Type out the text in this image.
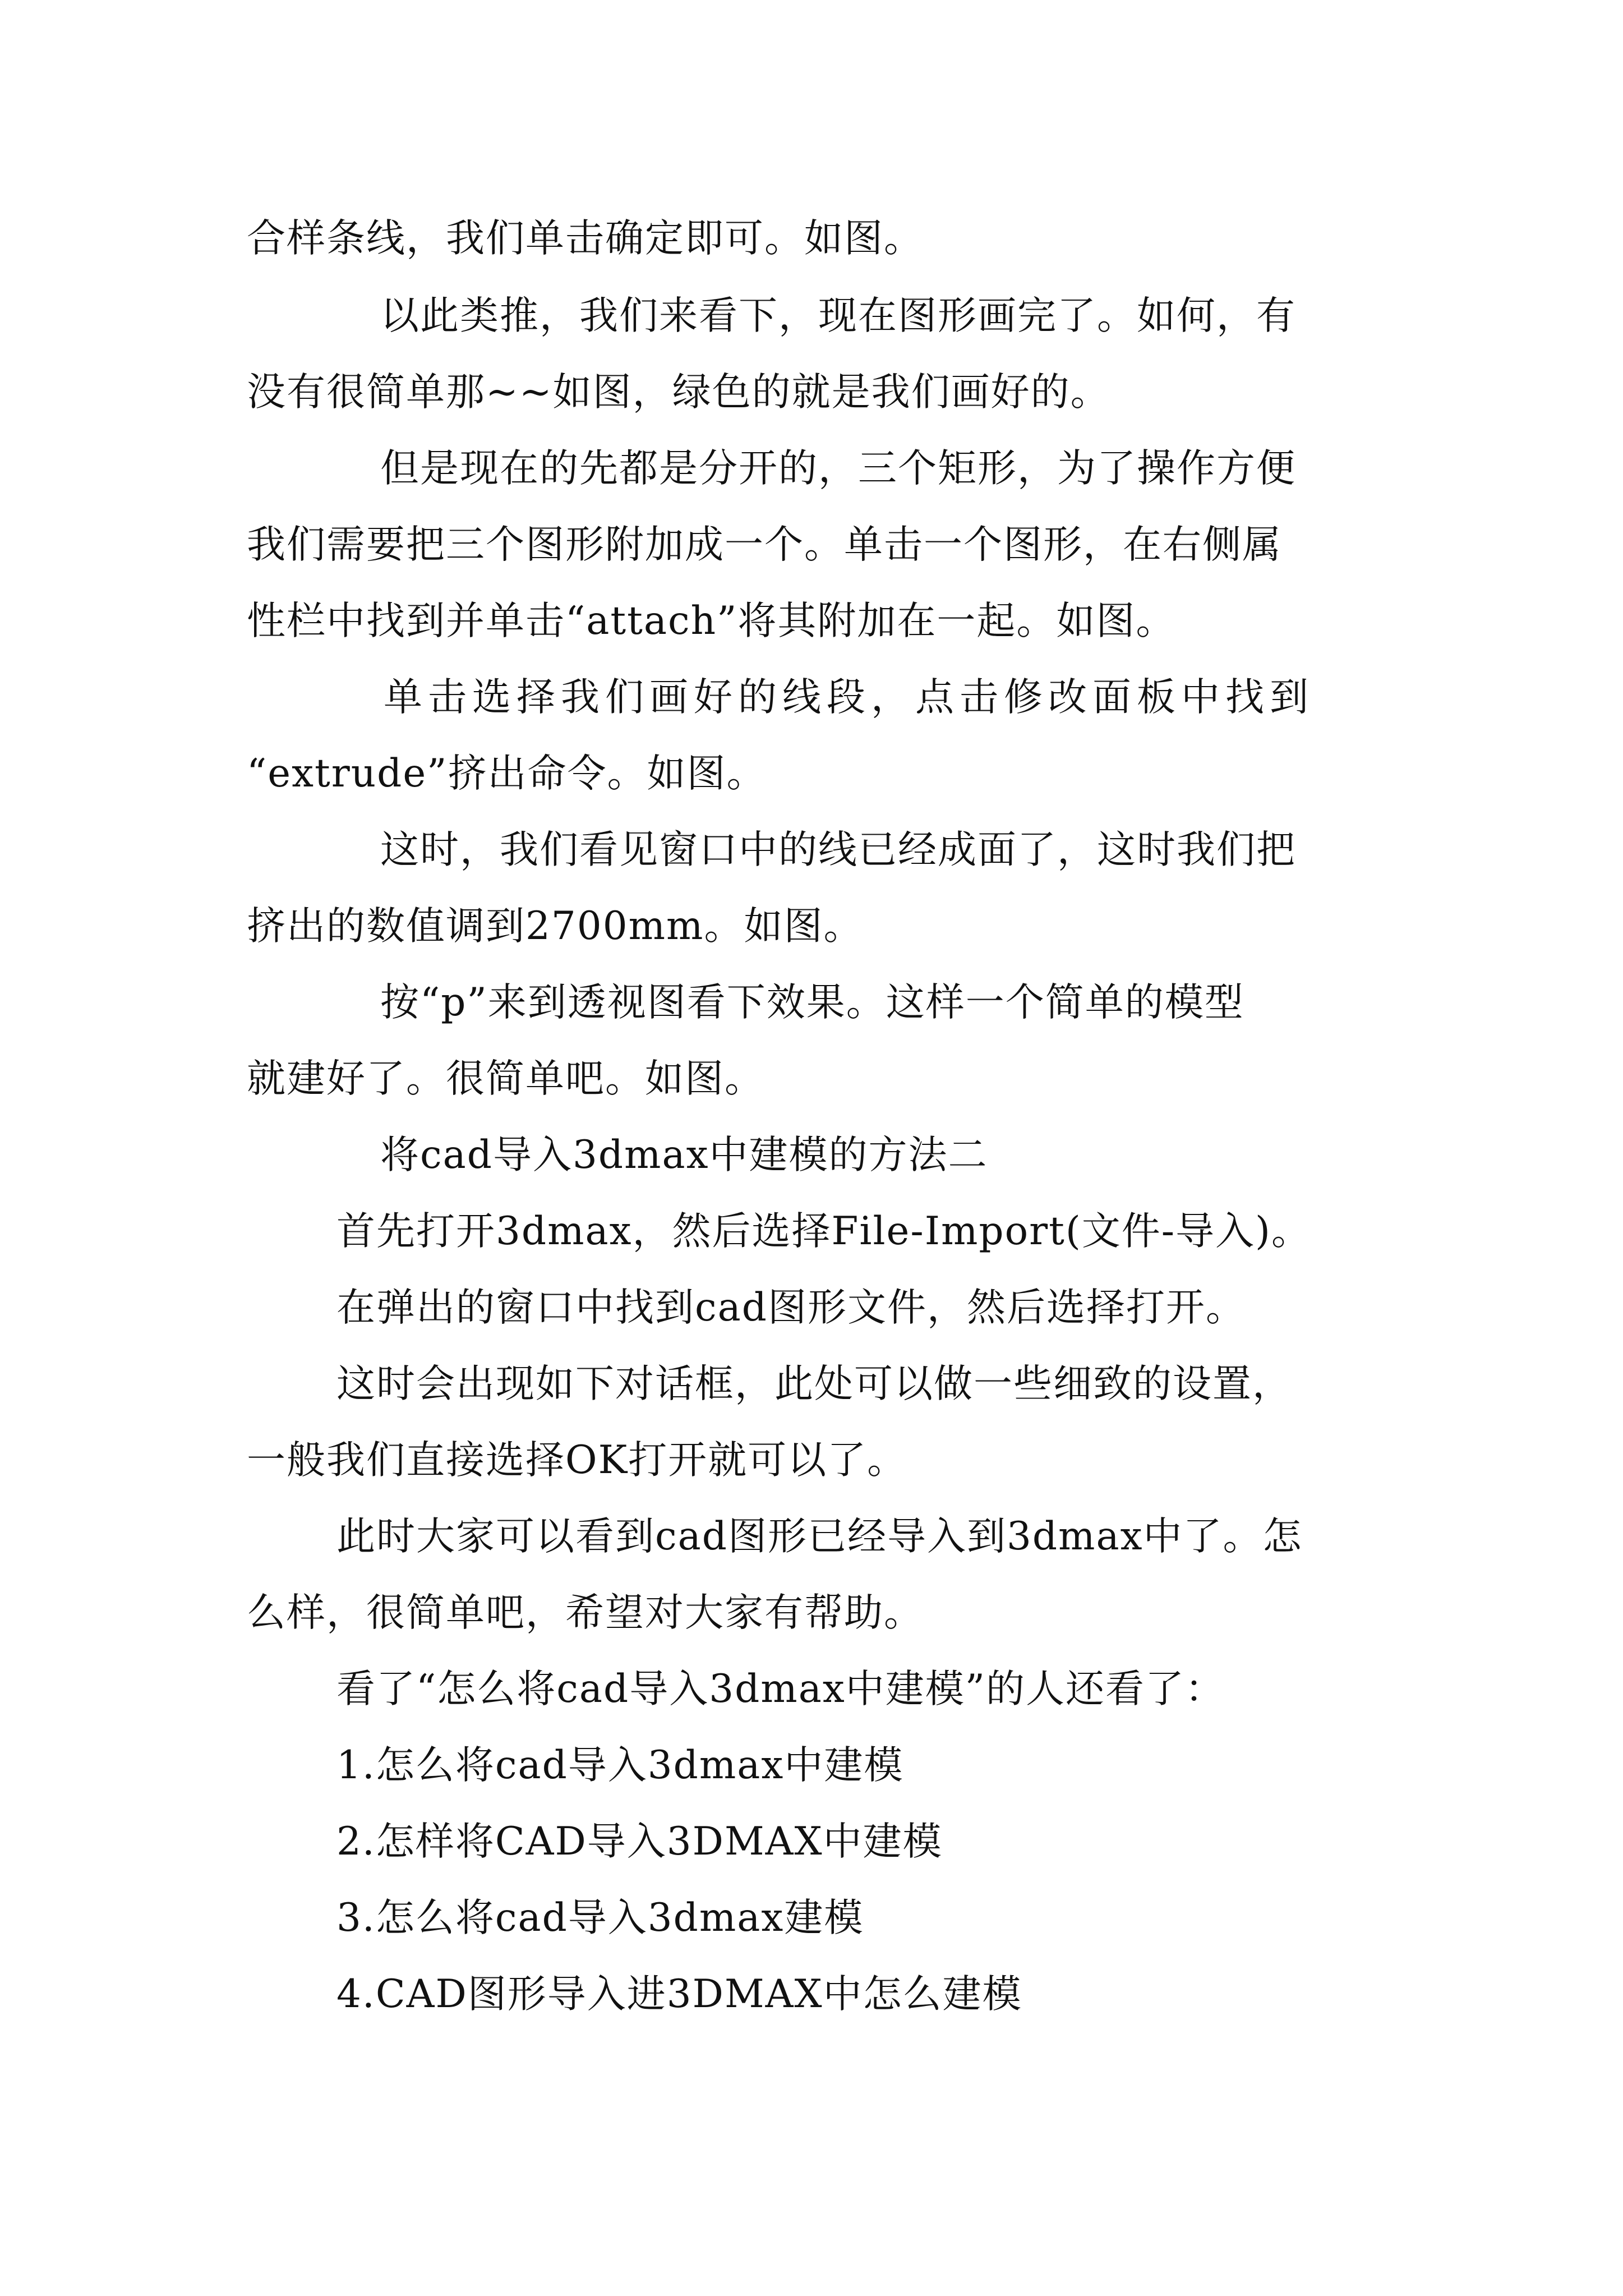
合样条线，我们单击确定即可。如图。
以此类推，我们来看下，现在图形画完了。如何，有
没有很简单那~~如图，绿色的就是我们画好的。
但是现在的先都是分开的，三个矩形，为了操作方便
我们需要把三个图形附加成一个。单击一个图形，在右侧属
性栏中找到并单击“attach”将其附加在一起。如图。
单击选择我们画好的线段，点击修改面板中找到
“extrude”挤出命令。如图。
这时，我们看见窗口中的线已经成面了，这时我们把
挤出的数值调到2700mm。如图。
按“p”来到透视图看下效果。这样一个简单的模型
就建好了。很简单吧。如图。
将cad导入3dmax中建模的方法二
首先打开3dmax，然后选择File-Import(文件-导入)。
在弹出的窗口中找到cad图形文件，然后选择打开。
这时会出现如下对话框，此处可以做一些细致的设置，
一般我们直接选择OK打开就可以了。
此时大家可以看到cad图形已经导入到3dmax中了。怎
么样，很简单吧，希望对大家有帮助。
看了“怎么将cad导入3dmax中建模”的人还看了：
1.怎么将cad导入3dmax中建模
2.怎样将CAD导入3DMAX中建模
3.怎么将cad导入3dmax建模
4.CAD图形导入进3DMAX中怎么建模
